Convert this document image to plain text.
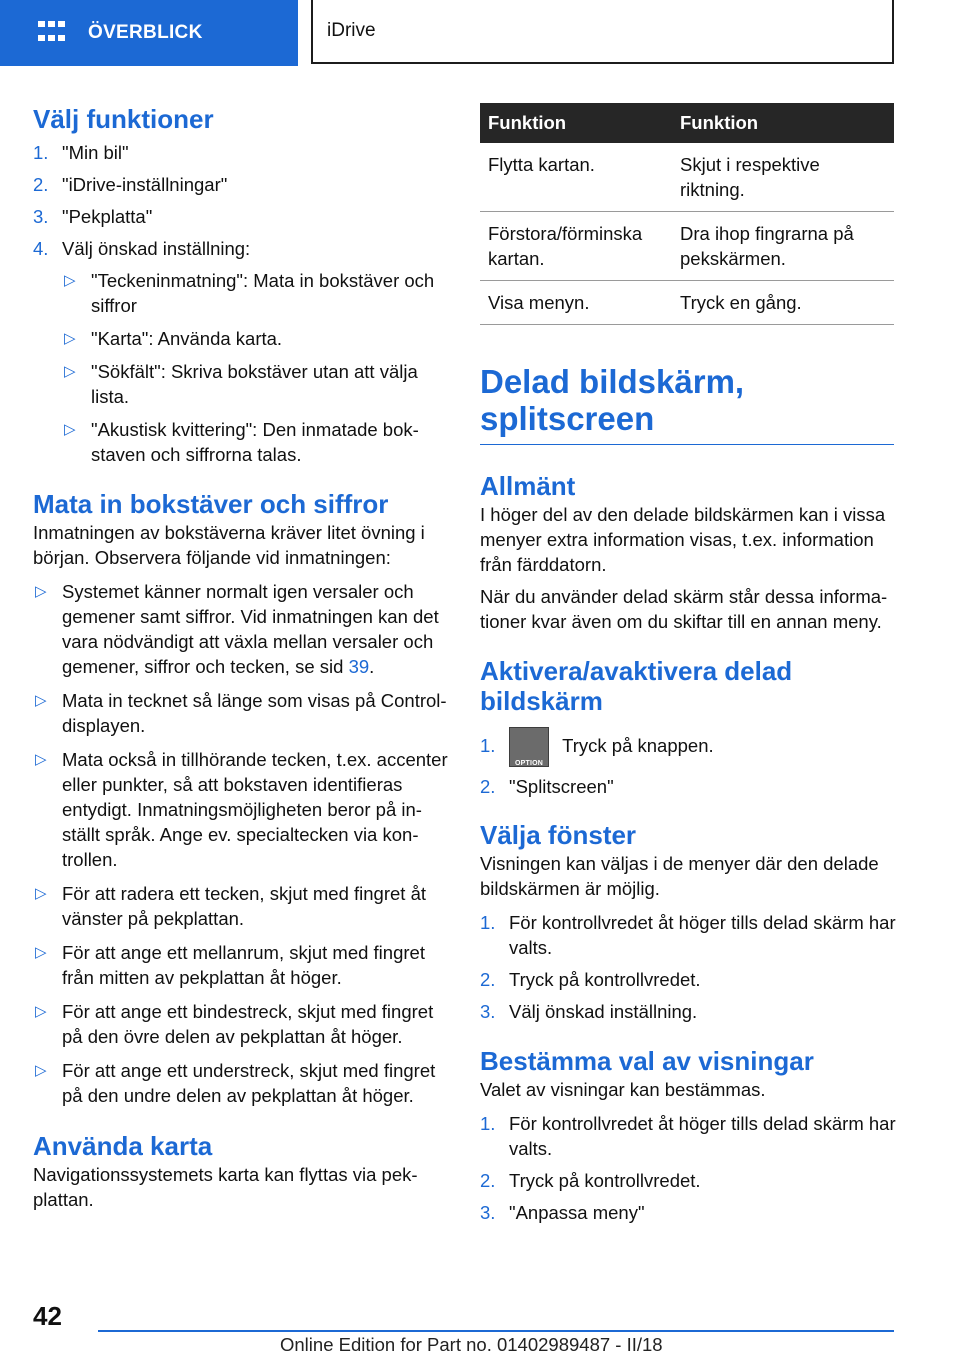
ÖVERBLICK	iDrive
Välj funktioner
1. "Min bil"
2. "iDrive-inställningar"
3. "Pekplatta"
4. Välj önskad inställning:
▷ "Teckeninmatning": Mata in bokstäver och siffror
▷ "Karta": Använda karta.
▷ "Sökfält": Skriva bokstäver utan att välja lista.
▷ "Akustisk kvittering": Den inmatade bokstaven och siffrorna talas.
Mata in bokstäver och siffror

Inmatningen av bokstäverna kräver litet övning i början. Observera följande vid inmatningen:

▷ Systemet känner normalt igen versaler och gemener samt siffror. Vid inmatningen kan det vara nödvändigt att växla mellan versaler och gemener, siffror och tecken, se sid 39.
▷ Mata in tecknet så länge som visas på Control-displayen.
▷ Mata också in tillhörande tecken, t.ex. accenter eller punkter, så att bokstaven identifieras entydigt. Inmatningsmöjligheten beror på inställt språk. Ange ev. specialtecken via kontrollen.
▷ För att radera ett tecken, skjut med fingret åt vänster på pekplattan.
▷ För att ange ett mellanrum, skjut med fingret från mitten av pekplattan åt höger.
▷ För att ange ett bindestreck, skjut med fingret på den övre delen av pekplattan åt höger.
▷ För att ange ett understreck, skjut med fingret på den undre delen av pekplattan åt höger.
Använda karta

Navigationssystemets karta kan flyttas via pekplattan.

Funktion	Funktion
Flytta kartan.	Skjut i respektive riktning.
Förstora/förminska kartan.	Dra ihop fingrarna på pekskärmen.
Visa menyn.	Tryck en gång.
Delad bildskärm, splitscreen
Allmänt

I höger del av den delade bildskärmen kan i vissa menyer extra information visas, t.ex. information från färddatorn.

När du använder delad skärm står dessa informationer kvar även om du skiftar till en annan meny.

Aktivera/avaktivera delad bildskärm
1.
OPTION
Tryck på knappen.
2. "Splitscreen"
Välja fönster

Visningen kan väljas i de menyer där den delade bildskärmen är möjlig.

1. För kontrollvredet åt höger tills delad skärm har valts.
2. Tryck på kontrollvredet.
3. Välj önskad inställning.
Bestämma val av visningar

Valet av visningar kan bestämmas.

1. För kontrollvredet åt höger tills delad skärm har valts.
2. Tryck på kontrollvredet.
3. "Anpassa meny"
42
Online Edition for Part no. 01402989487 - II/18
